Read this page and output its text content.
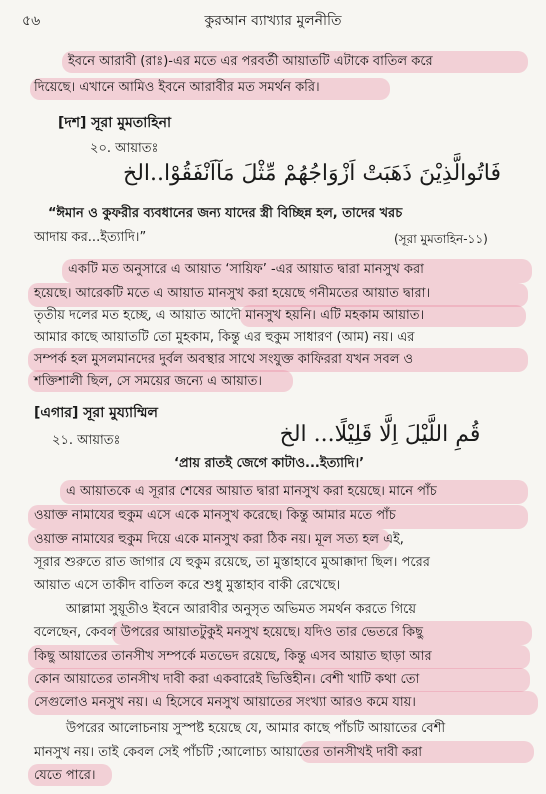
৫৬	কুরআন ব্যাখ্যার মুলনীতি
ইবনে আরাবী (রাঃ)-এর মতে এর পরবর্তী আয়াতটি এটাকে বাতিল করে
দিয়েছে। এখানে আমিও ইবনে আরাবীর মত সমর্থন করি।
[দশ] সূরা মুমতাহিনা
২০. আয়াতঃ
فَاتُوالَّذِيْنَ ذَهَبَتْ اَزْوَاجُهُمْ مِّثْلَ مَآاَنْفَقُوْا..الخ
“ঈমান ও কুফরীর ব্যবধানের জন্য যাদের স্ত্রী বিচ্ছিন্ন হল, তাদের খরচ
আদায় কর...ইত্যাদি।”	(সূরা মুমতাহিন-১১)
একটি মত অনুসারে এ আয়াত ‘সায়িফ’ -এর আয়াত দ্বারা মানসুখ করা
হয়েছে। আরেকটি মতে এ আয়াত মানসুখ করা হয়েছে গনীমতের আয়াত দ্বারা।
তৃতীয় দলের মত হচ্ছে, এ আয়াত আদৌ মানসুখ হয়নি। এটি মহকাম আয়াত।
আমার কাছে আয়াতটি তো মুহকাম, কিন্তু এর হুকুম সাধারণ (আম) নয়। এর
সম্পর্ক হল মুসলমানদের দুর্বল অবস্থার সাথে সংযুক্ত কাফিররা যখন সবল ও
শক্তিশালী ছিল, সে সময়ের জন্যে এ আয়াত।
[এগার] সূরা মুয্যাম্মিল
২১. আয়াতঃ	قُمِ اللَّيْلَ اِلَّا قَلِيْلًا... الخ
‘প্রায় রাতই জেগে কাটাও...ইত্যাদি।’
এ আয়াতকে এ সূরার শেষের আয়াত দ্বারা মানসুখ করা হয়েছে। মানে পাঁচ
ওয়াক্ত নামাযের হুকুম এসে একে মানসুখ করেছে। কিন্তু আমার মতে পাঁচ
ওয়াক্ত নামাযের হুকুম দিয়ে একে মানসুখ করা ঠিক নয়। মূল সত্য হল এই,
সূরার শুরুতে রাত জাগার যে হুকুম রয়েছে, তা মুস্তাহাবে মুআক্কাদা ছিল। পরের
আয়াত এসে তাকীদ বাতিল করে শুধু মুস্তাহাব বাকী রেখেছে।
আল্লামা সুয়ূতীও ইবনে আরাবীর অনুসৃত অভিমত সমর্থন করতে গিয়ে
বলেছেন, কেবল উপরের আয়াতটুকুই মনসুখ হয়েছে। যদিও তার ভেতরে কিছু
কিছু আয়াতের তানসীখ সম্পর্কে মতভেদ রয়েছে, কিন্তু এসব আয়াত ছাড়া আর
কোন আয়াতের তানসীখ দাবী করা একবারেই ভিত্তিহীন। বেশী খাটি কথা তো
সেগুলোও মনসুখ নয়। এ হিসেবে মনসুখ আয়াতের সংখ্যা আরও কমে যায়।
উপরের আলোচনায় সুস্পষ্ট হয়েছে যে, আমার কাছে পাঁচটি আয়াতের বেশী
মানসুখ নয়। তাই কেবল সেই পাঁচটি ;আলোচ্য আয়াতের তানসীখই দাবী করা
যেতে পারে।
